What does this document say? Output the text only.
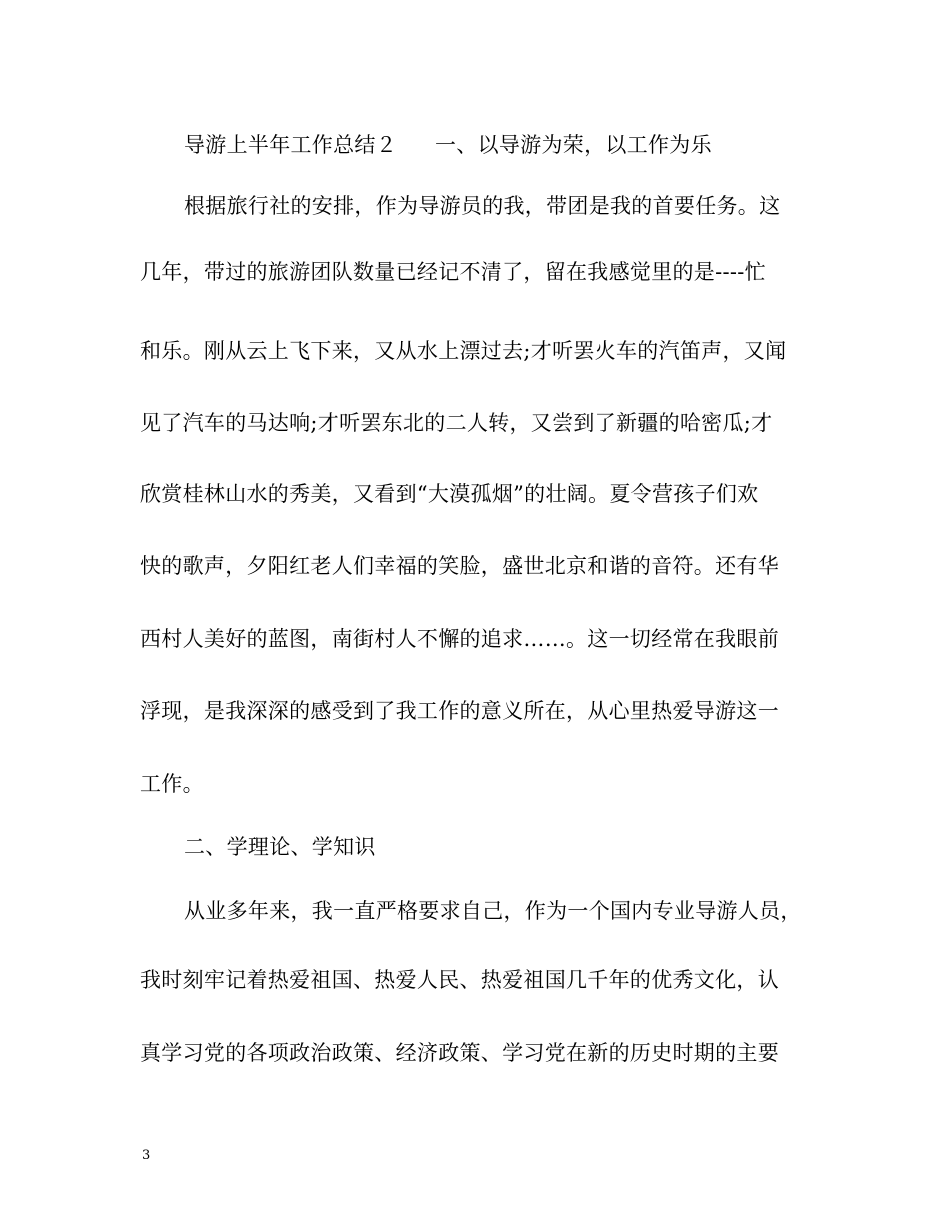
导游上半年工作总结２ 一、以导游为荣，以工作为乐
根据旅行社的安排，作为导游员的我，带团是我的首要任务。这
几年，带过的旅游团队数量已经记不清了，留在我感觉里的是----忙
和乐。刚从云上飞下来，又从水上漂过去;才听罢火车的汽笛声，又闻
见了汽车的马达响;才听罢东北的二人转，又尝到了新疆的哈密瓜;才
欣赏桂林山水的秀美，又看到“大漠孤烟”的壮阔。夏令营孩子们欢
快的歌声，夕阳红老人们幸福的笑脸，盛世北京和谐的音符。还有华
西村人美好的蓝图，南街村人不懈的追求……。这一切经常在我眼前
浮现，是我深深的感受到了我工作的意义所在，从心里热爱导游这一
工作。
二、学理论、学知识
从业多年来，我一直严格要求自己，作为一个国内专业导游人员，
我时刻牢记着热爱祖国、热爱人民、热爱祖国几千年的优秀文化，认
真学习党的各项政治政策、经济政策、学习党在新的历史时期的主要
3
